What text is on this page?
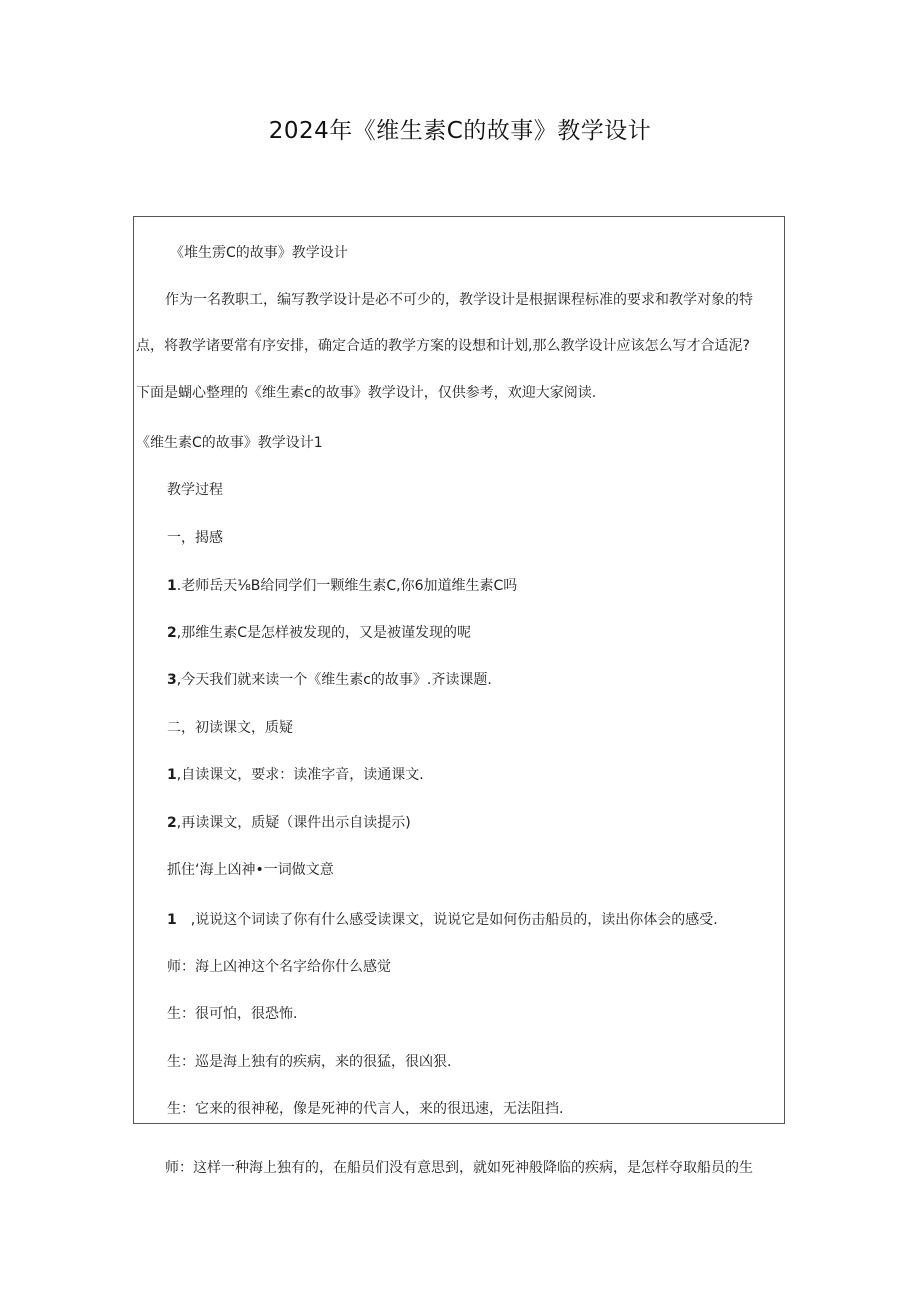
2024年《维生素C的故事》教学设计
《堆生雳C的故事》教学设计
作为一名教职工，编写教学设计是必不可少的，教学设计是根据课程标准的要求和教学对象的特
点，将教学诸要常有序安排，确定合适的教学方案的设想和计划,那么教学设计应该怎么写才合适泥?
下面是蝴心整理的《维生素c的故事》教学设计，仅供参考，欢迎大家阅读.
《维生素C的故事》教学设计1
教学过程
一，揭感
1.老师岳天⅛B给同学们一颗维生素C,你6加道维生素C吗
2,那维生素C是怎样被发现的，又是被谨发现的呢
3,今天我们就来读一个《维生素c的故事》.齐读课题.
二，初读课文，质疑
1,自读课文，要求：读准字音，读通课文.
2,再读课文，质疑（课件出示自读提示)
抓住‘海上凶神•一词做文意
1 ,说说这个词读了你有什么感受读课文，说说它是如何伤击船员的，读出你体会的感受.
师：海上凶神这个名字给你什么感觉
生：很可怕，很恐怖.
生：巡是海上独有的疾病，来的很猛，很凶狠.
生：它来的很神秘，像是死神的代言人，来的很迅速，无法阻挡.
师：这样一种海上独有的，在船员们没有意思到，就如死神般降临的疾病，是怎样夺取船员的生
